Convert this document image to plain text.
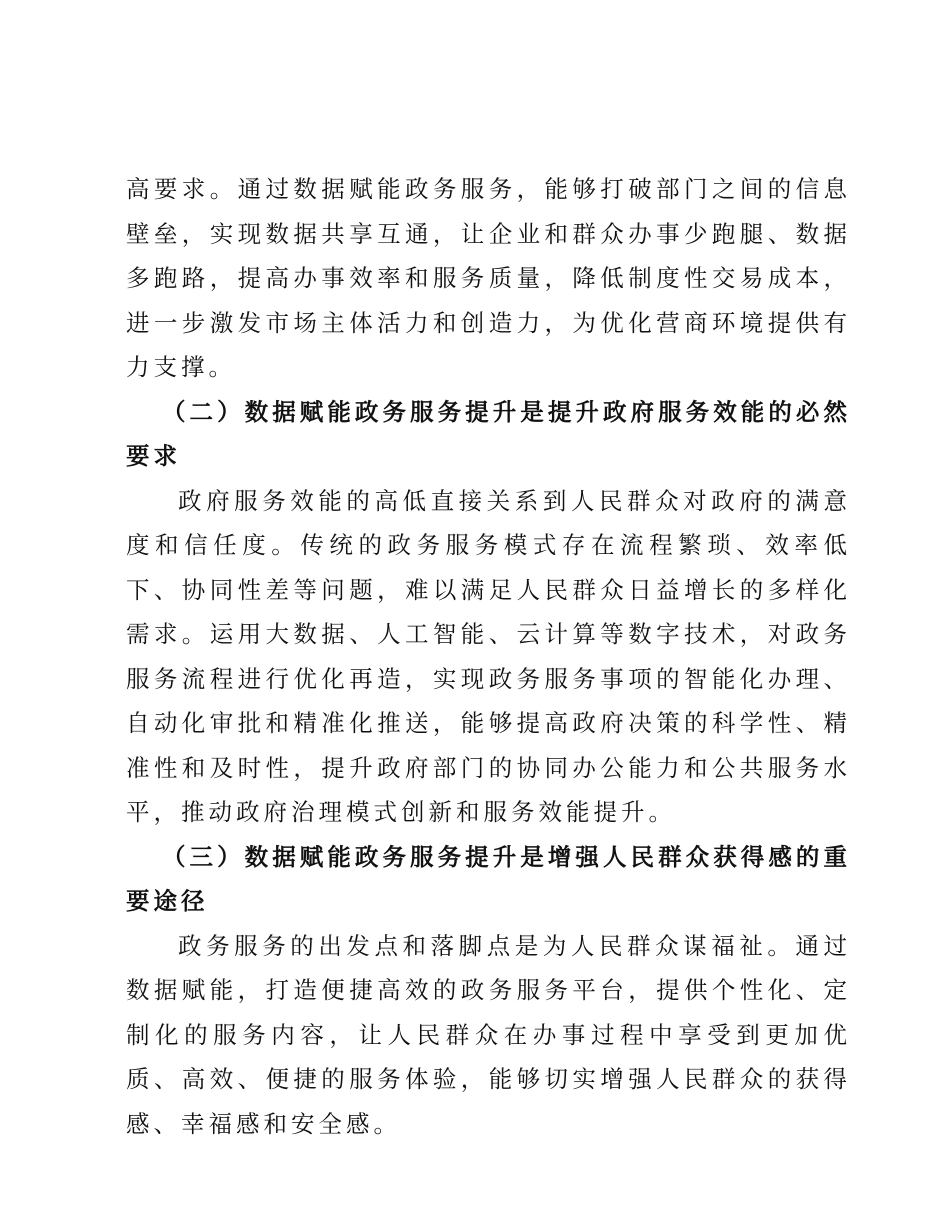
高要求。通过数据赋能政务服务，能够打破部门之间的信息壁垒，实现数据共享互通，让企业和群众办事少跑腿、数据多跑路，提高办事效率和服务质量，降低制度性交易成本，进一步激发市场主体活力和创造力，为优化营商环境提供有力支撑。

（二）数据赋能政务服务提升是提升政府服务效能的必然要求

政府服务效能的高低直接关系到人民群众对政府的满意度和信任度。传统的政务服务模式存在流程繁琐、效率低下、协同性差等问题，难以满足人民群众日益增长的多样化需求。运用大数据、人工智能、云计算等数字技术，对政务服务流程进行优化再造，实现政务服务事项的智能化办理、自动化审批和精准化推送，能够提高政府决策的科学性、精准性和及时性，提升政府部门的协同办公能力和公共服务水平，推动政府治理模式创新和服务效能提升。

（三）数据赋能政务服务提升是增强人民群众获得感的重要途径

政务服务的出发点和落脚点是为人民群众谋福祉。通过数据赋能，打造便捷高效的政务服务平台，提供个性化、定制化的服务内容，让人民群众在办事过程中享受到更加优质、高效、便捷的服务体验，能够切实增强人民群众的获得感、幸福感和安全感。
